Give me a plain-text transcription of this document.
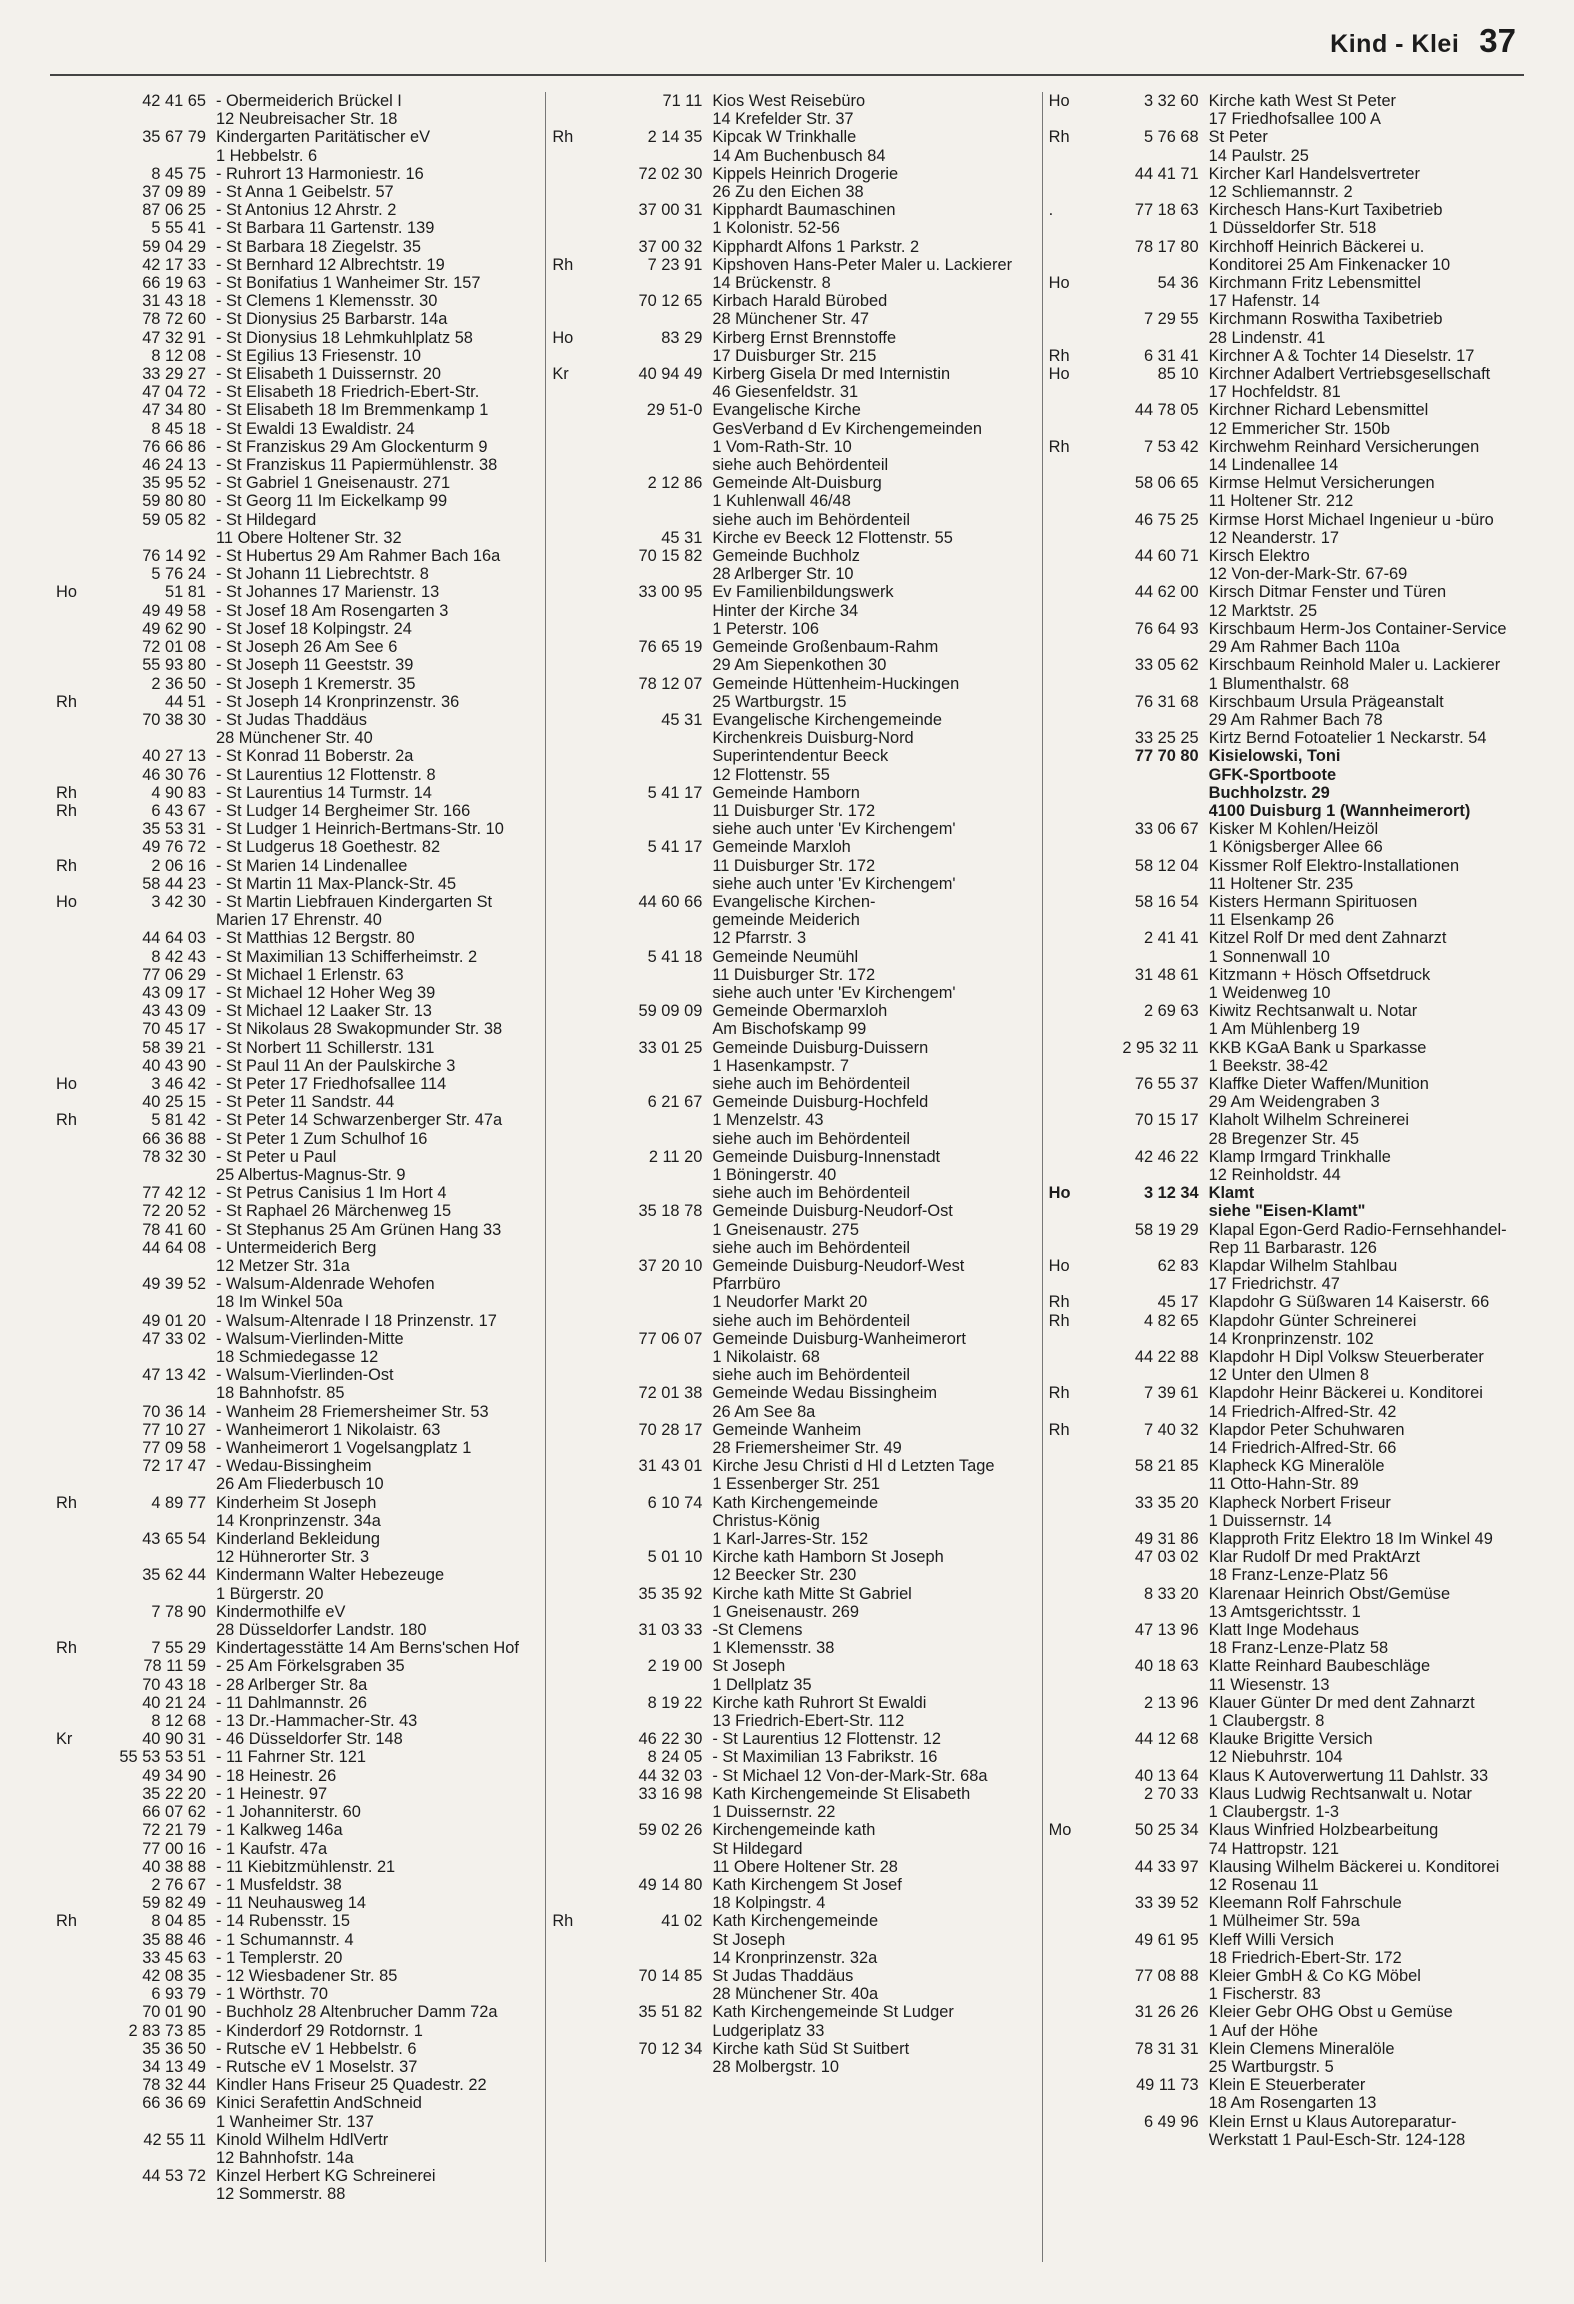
Kind - Klei 37
42 41 65 - Obermeiderich Brückel I
12 Neubreisacher Str. 18
35 67 79 Kindergarten Paritätischer eV
1 Hebbelstr. 6
8 45 75 - Ruhrort 13 Harmoniestr. 16
37 09 89 - St Anna 1 Geibelstr. 57
87 06 25 - St Antonius 12 Ahrstr. 2
5 55 41 - St Barbara 11 Gartenstr. 139
59 04 29 - St Barbara 18 Ziegelstr. 35
42 17 33 - St Bernhard 12 Albrechtstr. 19
66 19 63 - St Bonifatius 1 Wanheimer Str. 157
31 43 18 - St Clemens 1 Klemensstr. 30
78 72 60 - St Dionysius 25 Barbarstr. 14a
47 32 91 - St Dionysius 18 Lehmkuhlplatz 58
8 12 08 - St Egilius 13 Friesenstr. 10
33 29 27 - St Elisabeth 1 Duissernstr. 20
47 04 72 - St Elisabeth 18 Friedrich-Ebert-Str.
47 34 80 - St Elisabeth 18 Im Bremmenkamp 1
8 45 18 - St Ewaldi 13 Ewaldistr. 24
76 66 86 - St Franziskus 29 Am Glockenturm 9
46 24 13 - St Franziskus 11 Papiermühlenstr. 38
35 95 52 - St Gabriel 1 Gneisenaustr. 271
59 80 80 - St Georg 11 Im Eickelkamp 99
59 05 82 - St Hildegard
11 Obere Holtener Str. 32
76 14 92 - St Hubertus 29 Am Rahmer Bach 16a
5 76 24 - St Johann 11 Liebrechtstr. 8
Ho	51 81 - St Johannes 17 Marienstr. 13
49 49 58 - St Josef 18 Am Rosengarten 3
49 62 90 - St Josef 18 Kolpingstr. 24
72 01 08 - St Joseph 26 Am See 6
55 93 80 - St Joseph 11 Geeststr. 39
2 36 50 - St Joseph 1 Kremerstr. 35
Rh	44 51 - St Joseph 14 Kronprinzenstr. 36
70 38 30 - St Judas Thaddäus
28 Münchener Str. 40
40 27 13 - St Konrad 11 Boberstr. 2a
46 30 76 - St Laurentius 12 Flottenstr. 8
Rh	4 90 83 - St Laurentius 14 Turmstr. 14
Rh	6 43 67 - St Ludger 14 Bergheimer Str. 166
35 53 31 - St Ludger 1 Heinrich-Bertmans-Str. 10
49 76 72 - St Ludgerus 18 Goethestr. 82
Rh	2 06 16 - St Marien 14 Lindenallee
58 44 23 - St Martin 11 Max-Planck-Str. 45
Ho	3 42 30 - St Martin Liebfrauen Kindergarten St
Marien 17 Ehrenstr. 40
44 64 03 - St Matthias 12 Bergstr. 80
8 42 43 - St Maximilian 13 Schifferheimstr. 2
77 06 29 - St Michael 1 Erlenstr. 63
43 09 17 - St Michael 12 Hoher Weg 39
43 43 09 - St Michael 12 Laaker Str. 13
70 45 17 - St Nikolaus 28 Swakopmunder Str. 38
58 39 21 - St Norbert 11 Schillerstr. 131
40 43 90 - St Paul 11 An der Paulskirche 3
Ho	3 46 42 - St Peter 17 Friedhofsallee 114
40 25 15 - St Peter 11 Sandstr. 44
Rh	5 81 42 - St Peter 14 Schwarzenberger Str. 47a
66 36 88 - St Peter 1 Zum Schulhof 16
78 32 30 - St Peter u Paul
25 Albertus-Magnus-Str. 9
77 42 12 - St Petrus Canisius 1 Im Hort 4
72 20 52 - St Raphael 26 Märchenweg 15
78 41 60 - St Stephanus 25 Am Grünen Hang 33
44 64 08 - Untermeiderich Berg
12 Metzer Str. 31a
49 39 52 - Walsum-Aldenrade Wehofen
18 Im Winkel 50a
49 01 20 - Walsum-Altenrade I 18 Prinzenstr. 17
47 33 02 - Walsum-Vierlinden-Mitte
18 Schmiedegasse 12
47 13 42 - Walsum-Vierlinden-Ost
18 Bahnhofstr. 85
70 36 14 - Wanheim 28 Friemersheimer Str. 53
77 10 27 - Wanheimerort 1 Nikolaistr. 63
77 09 58 - Wanheimerort 1 Vogelsangplatz 1
72 17 47 - Wedau-Bissingheim
26 Am Fliederbusch 10
Rh	4 89 77 Kinderheim St Joseph
14 Kronprinzenstr. 34a
43 65 54 Kinderland Bekleidung
12 Hühnerorter Str. 3
35 62 44 Kindermann Walter Hebezeuge
1 Bürgerstr. 20
7 78 90 Kindermothilfe eV
28 Düsseldorfer Landstr. 180
Rh	7 55 29 Kindertagesstätte 14 Am Berns'schen Hof
78 11 59 - 25 Am Förkelsgraben 35
70 43 18 - 28 Arlberger Str. 8a
40 21 24 - 11 Dahlmannstr. 26
8 12 68 - 13 Dr.-Hammacher-Str. 43
Kr	40 90 31 - 46 Düsseldorfer Str. 148
55 53 53 51 - 11 Fahrner Str. 121
49 34 90 - 18 Heinestr. 26
35 22 20 - 1 Heinestr. 97
66 07 62 - 1 Johanniterstr. 60
72 21 79 - 1 Kalkweg 146a
77 00 16 - 1 Kaufstr. 47a
40 38 88 - 11 Kiebitzmühlenstr. 21
2 76 67 - 1 Musfeldstr. 38
59 82 49 - 11 Neuhausweg 14
Rh	8 04 85 - 14 Rubensstr. 15
35 88 46 - 1 Schumannstr. 4
33 45 63 - 1 Templerstr. 20
42 08 35 - 12 Wiesbadener Str. 85
6 93 79 - 1 Wörthstr. 70
70 01 90 - Buchholz 28 Altenbrucher Damm 72a
2 83 73 85 - Kinderdorf 29 Rotdornstr. 1
35 36 50 - Rutsche eV 1 Hebbelstr. 6
34 13 49 - Rutsche eV 1 Moselstr. 37
78 32 44 Kindler Hans Friseur 25 Quadestr. 22
66 36 69 Kinici Serafettin AndSchneid
1 Wanheimer Str. 137
42 55 11 Kinold Wilhelm HdlVertr
12 Bahnhofstr. 14a
44 53 72 Kinzel Herbert KG Schreinerei
12 Sommerstr. 88
71 11 Kios West Reisebüro
14 Krefelder Str. 37
Rh	2 14 35 Kipcak W Trinkhalle
14 Am Buchenbusch 84
72 02 30 Kippels Heinrich Drogerie
26 Zu den Eichen 38
37 00 31 Kipphardt Baumaschinen
1 Kolonistr. 52-56
37 00 32 Kipphardt Alfons 1 Parkstr. 2
Rh	7 23 91 Kipshoven Hans-Peter Maler u. Lackierer
14 Brückenstr. 8
70 12 65 Kirbach Harald Bürobed
28 Münchener Str. 47
Ho	83 29 Kirberg Ernst Brennstoffe
17 Duisburger Str. 215
Kr	40 94 49 Kirberg Gisela Dr med Internistin
46 Giesenfeldstr. 31
29 51-0 Evangelische Kirche
GesVerband d Ev Kirchengemeinden
1 Vom-Rath-Str. 10
siehe auch Behördenteil
2 12 86 Gemeinde Alt-Duisburg
1 Kuhlenwall 46/48
siehe auch im Behördenteil
45 31 Kirche ev Beeck 12 Flottenstr. 55
70 15 82 Gemeinde Buchholz
28 Arlberger Str. 10
33 00 95 Ev Familienbildungswerk
Hinter der Kirche 34
1 Peterstr. 106
76 65 19 Gemeinde Großenbaum-Rahm
29 Am Siepenkothen 30
78 12 07 Gemeinde Hüttenheim-Huckingen
25 Wartburgstr. 15
45 31 Evangelische Kirchengemeinde
Kirchenkreis Duisburg-Nord
Superintendentur Beeck
12 Flottenstr. 55
5 41 17 Gemeinde Hamborn
11 Duisburger Str. 172
siehe auch unter 'Ev Kirchengem'
5 41 17 Gemeinde Marxloh
11 Duisburger Str. 172
siehe auch unter 'Ev Kirchengem'
44 60 66 Evangelische Kirchen-
gemeinde Meiderich
12 Pfarrstr. 3
5 41 18 Gemeinde Neumühl
11 Duisburger Str. 172
siehe auch unter 'Ev Kirchengem'
59 09 09 Gemeinde Obermarxloh
Am Bischofskamp 99
33 01 25 Gemeinde Duisburg-Duissern
1 Hasenkampstr. 7
siehe auch im Behördenteil
6 21 67 Gemeinde Duisburg-Hochfeld
1 Menzelstr. 43
siehe auch im Behördenteil
2 11 20 Gemeinde Duisburg-Innenstadt
1 Böningerstr. 40
siehe auch im Behördenteil
35 18 78 Gemeinde Duisburg-Neudorf-Ost
1 Gneisenaustr. 275
siehe auch im Behördenteil
37 20 10 Gemeinde Duisburg-Neudorf-West
Pfarrbüro
1 Neudorfer Markt 20
siehe auch im Behördenteil
77 06 07 Gemeinde Duisburg-Wanheimerort
1 Nikolaistr. 68
siehe auch im Behördenteil
72 01 38 Gemeinde Wedau Bissingheim
26 Am See 8a
70 28 17 Gemeinde Wanheim
28 Friemersheimer Str. 49
31 43 01 Kirche Jesu Christi d Hl d Letzten Tage
1 Essenberger Str. 251
6 10 74 Kath Kirchengemeinde
Christus-König
1 Karl-Jarres-Str. 152
5 01 10 Kirche kath Hamborn St Joseph
12 Beecker Str. 230
35 35 92 Kirche kath Mitte St Gabriel
1 Gneisenaustr. 269
31 03 33 -St Clemens
1 Klemensstr. 38
2 19 00 St Joseph
1 Dellplatz 35
8 19 22 Kirche kath Ruhrort St Ewaldi
13 Friedrich-Ebert-Str. 112
46 22 30 - St Laurentius 12 Flottenstr. 12
8 24 05 - St Maximilian 13 Fabrikstr. 16
44 32 03 - St Michael 12 Von-der-Mark-Str. 68a
33 16 98 Kath Kirchengemeinde St Elisabeth
1 Duissernstr. 22
59 02 26 Kirchengemeinde kath
St Hildegard
11 Obere Holtener Str. 28
49 14 80 Kath Kirchengem St Josef
18 Kolpingstr. 4
Rh	41 02 Kath Kirchengemeinde
St Joseph
14 Kronprinzenstr. 32a
70 14 85 St Judas Thaddäus
28 Münchener Str. 40a
35 51 82 Kath Kirchengemeinde St Ludger
Ludgeriplatz 33
70 12 34 Kirche kath Süd St Suitbert
28 Molbergstr. 10
Ho	3 32 60 Kirche kath West St Peter
17 Friedhofsallee 100 A
Rh	5 76 68 St Peter
14 Paulstr. 25
44 41 71 Kircher Karl Handelsvertreter
12 Schliemannstr. 2
.	77 18 63 Kirchesch Hans-Kurt Taxibetrieb
1 Düsseldorfer Str. 518
78 17 80 Kirchhoff Heinrich Bäckerei u.
Konditorei 25 Am Finkenacker 10
Ho	54 36 Kirchmann Fritz Lebensmittel
17 Hafenstr. 14
7 29 55 Kirchmann Roswitha Taxibetrieb
28 Lindenstr. 41
Rh	6 31 41 Kirchner A & Tochter 14 Dieselstr. 17
Ho	85 10 Kirchner Adalbert Vertriebsgesellschaft
17 Hochfeldstr. 81
44 78 05 Kirchner Richard Lebensmittel
12 Emmericher Str. 150b
Rh	7 53 42 Kirchwehm Reinhard Versicherungen
14 Lindenallee 14
58 06 65 Kirmse Helmut Versicherungen
11 Holtener Str. 212
46 75 25 Kirmse Horst Michael Ingenieur u -büro
12 Neanderstr. 17
44 60 71 Kirsch Elektro
12 Von-der-Mark-Str. 67-69
44 62 00 Kirsch Ditmar Fenster und Türen
12 Marktstr. 25
76 64 93 Kirschbaum Herm-Jos Container-Service
29 Am Rahmer Bach 110a
33 05 62 Kirschbaum Reinhold Maler u. Lackierer
1 Blumenthalstr. 68
76 31 68 Kirschbaum Ursula Prägeanstalt
29 Am Rahmer Bach 78
33 25 25 Kirtz Bernd Fotoatelier 1 Neckarstr. 54
77 70 80 Kisielowski, Toni
GFK-Sportboote
Buchholzstr. 29
4100 Duisburg 1 (Wannheimerort)
33 06 67 Kisker M Kohlen/Heizöl
1 Königsberger Allee 66
58 12 04 Kissmer Rolf Elektro-Installationen
11 Holtener Str. 235
58 16 54 Kisters Hermann Spirituosen
11 Elsenkamp 26
2 41 41 Kitzel Rolf Dr med dent Zahnarzt
1 Sonnenwall 10
31 48 61 Kitzmann + Hösch Offsetdruck
1 Weidenweg 10
2 69 63 Kiwitz Rechtsanwalt u. Notar
1 Am Mühlenberg 19
2 95 32 11 KKB KGaA Bank u Sparkasse
1 Beekstr. 38-42
76 55 37 Klaffke Dieter Waffen/Munition
29 Am Weidengraben 3
70 15 17 Klaholt Wilhelm Schreinerei
28 Bregenzer Str. 45
42 46 22 Klamp Irmgard Trinkhalle
12 Reinholdstr. 44
Ho	3 12 34 Klamt
siehe "Eisen-Klamt"
58 19 29 Klapal Egon-Gerd Radio-Fernsehhandel-
Rep 11 Barbarastr. 126
Ho	62 83 Klapdar Wilhelm Stahlbau
17 Friedrichstr. 47
Rh	45 17 Klapdohr G Süßwaren 14 Kaiserstr. 66
Rh	4 82 65 Klapdohr Günter Schreinerei
14 Kronprinzenstr. 102
44 22 88 Klapdohr H Dipl Volksw Steuerberater
12 Unter den Ulmen 8
Rh	7 39 61 Klapdohr Heinr Bäckerei u. Konditorei
14 Friedrich-Alfred-Str. 42
Rh	7 40 32 Klapdor Peter Schuhwaren
14 Friedrich-Alfred-Str. 66
58 21 85 Klapheck KG Mineralöle
11 Otto-Hahn-Str. 89
33 35 20 Klapheck Norbert Friseur
1 Duissernstr. 14
49 31 86 Klapproth Fritz Elektro 18 Im Winkel 49
47 03 02 Klar Rudolf Dr med PraktArzt
18 Franz-Lenze-Platz 56
8 33 20 Klarenaar Heinrich Obst/Gemüse
13 Amtsgerichtsstr. 1
47 13 96 Klatt Inge Modehaus
18 Franz-Lenze-Platz 58
40 18 63 Klatte Reinhard Baubeschläge
11 Wiesenstr. 13
2 13 96 Klauer Günter Dr med dent Zahnarzt
1 Claubergstr. 8
44 12 68 Klauke Brigitte Versich
12 Niebuhrstr. 104
40 13 64 Klaus K Autoverwertung 11 Dahlstr. 33
2 70 33 Klaus Ludwig Rechtsanwalt u. Notar
1 Claubergstr. 1-3
Mo	50 25 34 Klaus Winfried Holzbearbeitung
74 Hattropstr. 121
44 33 97 Klausing Wilhelm Bäckerei u. Konditorei
12 Rosenau 11
33 39 52 Kleemann Rolf Fahrschule
1 Mülheimer Str. 59a
49 61 95 Kleff Willi Versich
18 Friedrich-Ebert-Str. 172
77 08 88 Kleier GmbH & Co KG Möbel
1 Fischerstr. 83
31 26 26 Kleier Gebr OHG Obst u Gemüse
1 Auf der Höhe
78 31 31 Klein Clemens Mineralöle
25 Wartburgstr. 5
49 11 73 Klein E Steuerberater
18 Am Rosengarten 13
6 49 96 Klein Ernst u Klaus Autoreparatur-
Werkstatt 1 Paul-Esch-Str. 124-128
